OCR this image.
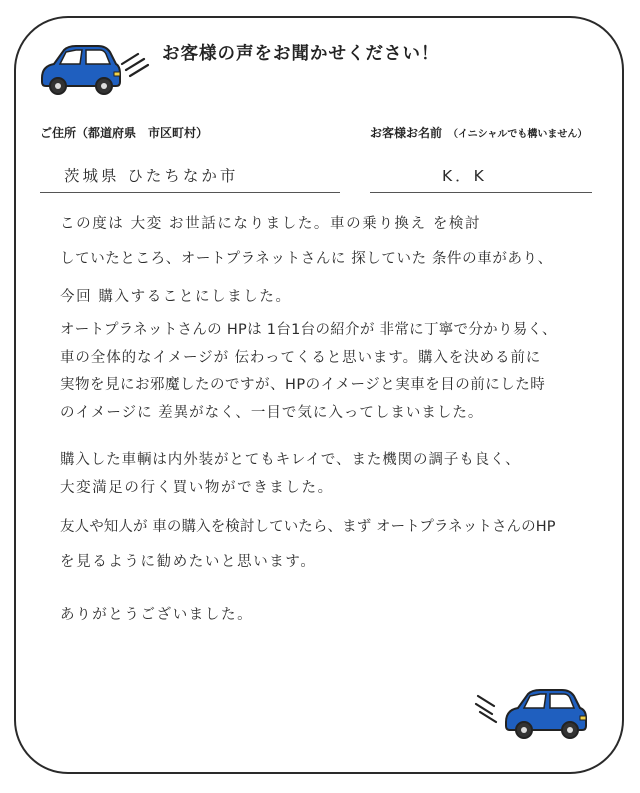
お客様の声をお聞かせください！
ご住所（都道府県　市区町村）	お客様お名前 （イニシャルでも構いません）
茨城県 ひたちなか市	K．K
この度は 大変 お世話になりました。車の乗り換え を検討
していたところ、オートプラネットさんに 探していた 条件の車があり、
今回 購入することにしました。
オートプラネットさんの HPは 1台1台の紹介が 非常に丁寧で分かり易く、
車の全体的なイメージが 伝わってくると思います。購入を決める前に
実物を見にお邪魔したのですが、HPのイメージと実車を目の前にした時
のイメージに 差異がなく、一目で気に入ってしまいました。
購入した車輌は内外装がとてもキレイで、また機関の調子も良く、
大変満足の行く買い物ができました。
友人や知人が 車の購入を検討していたら、まず オートプラネットさんのHP
を見るように勧めたいと思います。
ありがとうございました。
